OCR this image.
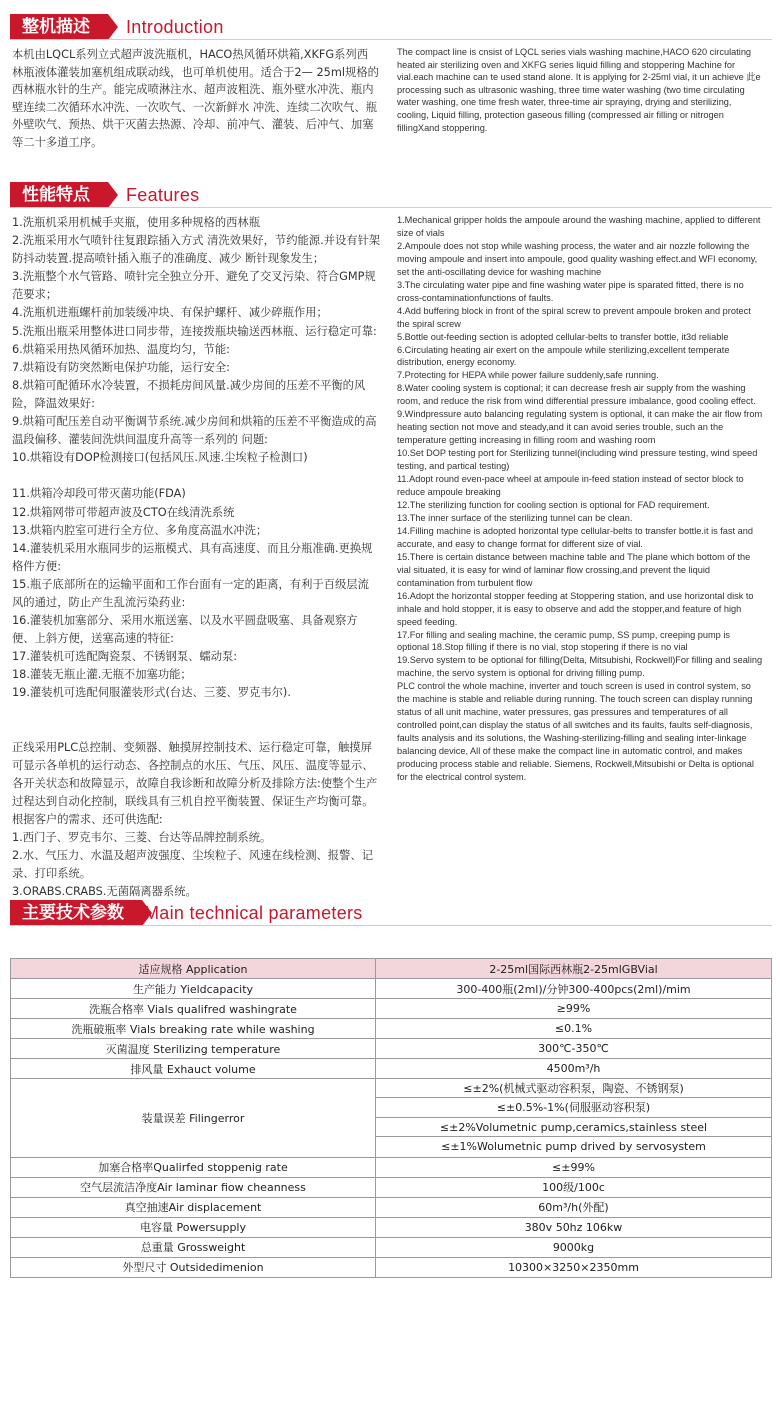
整机描述	Introduction

本机由LQCL系列立式超声波洗瓶机，HACO热风循环烘箱,XKFG系列西

林瓶液体灌装加塞机组成联动线，也可单机使用。适合于2— 25ml规格的

西林瓶水针的生产。能完成喷淋注水、超声波粗洗、瓶外壁水冲洗、瓶内

壁连续二次循环水冲洗、一次吹气、一次新鲜水 冲洗、连续二次吹气、瓶

外壁吹气、预热、烘干灭菌去热源、冷却、前冲气、灌装、后冲气、加塞

等二十多道工序。

The compact line is cnsist of LQCL series vials washing machine,HACO 620 circulating

heated air sterilizing oven and XKFG series liquid filling and stoppering Machine for

vial.each machine can te used stand alone. It is applying for 2-25ml vial, it un achieve 此e

processing such as ultrasonic washing, three time water washing (two time circulating

water washing, one time fresh water, three-time air spraying, drying and sterilizing,

cooling, Liquid filling, protection gaseous filling (compressed air filling or nitrogen

fillingXand stoppering.

性能特点	Features

1.洗瓶机采用机械手夹瓶，使用多种规格的西林瓶

2.洗瓶采用水气喷针往复跟踪插入方式 清洗效果好，节约能源.并设有针架

防抖动装置.提高喷针插入瓶子的准确度、减少 断针现象发生；

3.洗瓶整个水气管路、喷针完全独立分开、避免了交叉污染、符合GMP规

范要求；

4.洗瓶机进瓶螺杆前加装缓冲块、有保护螺杆、减少碎瓶作用；

5.洗瓶出瓶采用整体进口同步带，连接拨瓶块输送西林瓶、运行稳定可靠:

6.烘箱采用热风循环加热、温度均匀，节能:

7.烘箱设有防突然断电保护功能，运行安全:

8.烘箱可配循环水冷装置，不损耗房间风量.减少房间的压差不平衡的风

险，降温效果好:

9.烘箱可配压差自动平衡调节系统.减少房间和烘箱的压差不平衡造成的高

温段偏移、灌装间洗烘间温度升高等一系列的 问题:

10.烘箱设有DOP检测接口(包括风压.风速.尘埃粒子检测口)

11.烘箱冷却段可带灭菌功能(FDA)

12.烘箱网带可带超声波及CTO在线清洗系统

13.烘箱内腔室可进行全方位、多角度高温水冲洗；

14.灌装机采用水瓶同步的运瓶模式、具有高速度、而且分瓶准确.更换规

格件方便:

15.瓶子底部所在的运输平面和工作台面有一定的距离，有利于百级层流

风的通过，防止产生乱流污染药业:

16.灌装机加塞部分、采用水瓶送塞、以及水平圆盘吸塞、具备观察方

便、上斜方便，送塞高速的特征:

17.灌装机可选配陶瓷泵、不锈钢泵、蠕动泵:

18.灌装无瓶止灌.无瓶不加塞功能；

19.灌装机可选配伺服灌装形式(台达、三菱、罗克韦尔).

正线采用PLC总控制、变频器、触摸屏控制技术、运行稳定可靠，触摸屏

可显示各单机的运行动态、各控制点的水压、气压、风压、温度等显示、

各开关状态和故障显示，故障自我诊断和故障分析及排除方法:使整个生产

过程达到自动化控制，联线具有三机自控平衡装置、保证生产均衡可靠。

根据客户的需求、还可供选配:

1.西门子、罗克韦尔、三菱、台达等品牌控制系统。

2.水、气压力、水温及超声波强度、尘埃粒子、风速在线检测、报警、记

录、打印系统。

3.ORABS.CRABS.无菌隔离器系统。

1.Mechanical gripper holds the ampoule around the washing machine, applied to different

size of vials

2.Ampoule does not stop while washing process, the water and air nozzle following the

moving ampoule and insert into ampoule, good quality washing effect.and WFI economy,

set the anti-oscillating device for washing machine

3.The circulating water pipe and fine washing water pipe is sparated fitted, there is no

cross-contaminationfunctions of faults.

4.Add buffering block in front of the spiral screw to prevent ampoule broken and protect

the spiral screw

5.Bottle out-feeding section is adopted cellular-belts to transfer bottle, it3d reliable

6.Circulating heating air exert on the ampoule while sterilizing,excellent temperate

distribution, energy economy.

7.Protecting for HEPA while power failure suddenly,safe running.

8.Water cooling system is coptional; it can decrease fresh air supply from the washing

room, and reduce the risk from wind differential pressure imbalance, good cooling effect.

9.Windpressure auto balancing regulating system is optional, it can make the air flow from

heating section not move and steady,and it can avoid series trouble, such an the

temperature getting increasing in filling room and washing room

10.Set DOP testing port for Sterilizing tunnel(including wind pressure testing, wind speed

testing, and partical testing)

11.Adopt round even-pace wheel at ampoule in-feed station instead of sector block to

reduce ampoule breaking

12.The sterilizing function for cooling section is optional for FAD requirement.

13.The inner surface of the sterilizing tunnel can be clean.

14.Filling machine is adopted horizontal type cellular-belts to transfer bottle.it is fast and

accurate, and easy to change format for different size of vial.

15.There is certain distance between machine table and The plane which bottom of the

vial situated, it is easy for wind of laminar flow crossing,and prevent the liquid

contamination from turbulent flow

16.Adopt the horizontal stopper feeding at Stoppering station, and use horizontal disk to

inhale and hold stopper, it is easy to observe and add the stopper,and feature of high

speed feeding.

17.For filling and sealing machine, the ceramic pump, SS pump, creeping pump is

optional 18.Stop filling if there is no vial, stop stopering if there is no vial

19.Servo system to be optional for filling(Delta, Mitsubishi, Rockwell)For filling and sealing

machine, the servo system is optional for driving filling pump.

PLC control the whole machine, inverter and touch screen is used in control system, so

the machine is stable and reliable during running. The touch screen can display running

status of all unit machine, water pressures, gas pressures and temperatures of all

controlled point,can display the status of all switches and its faults, faults self-diagnosis,

faults analysis and its solutions, the Washing-sterilizing-filling and sealing inter-linkage

balancing device, All of these make the compact line in automatic control, and makes

producing process stable and reliable. Siemens, Rockwell,Mitsubishi or Delta is optional

for the electrical control system.

主要技术参数	Main technical parameters
适应规格 Application	2-25ml国际西林瓶2-25mlGBVial
生产能力 Yieldcapacity	300-400瓶(2ml)/分钟300-400pcs(2ml)/mim
洗瓶合格率 Vials qualifred washingrate	≥99%
洗瓶破瓶率 Vials breaking rate while washing	≤0.1%
灭菌温度 Sterilizing temperature	300℃-350℃
排风量 Exhauct volume	4500m³/h
装量误差 Filingerror	≤±2%(机械式驱动容积泵，陶瓷、不锈钢泵)
≤±0.5%-1%(伺服驱动容积泵)
≤±2%Volumetnic pump,ceramics,stainless steel
≤±1%Wolumetnic pump drived by servosystem

加塞合格率Qualirfed stoppenig rate	≤±99%
空气层流洁净度Air laminar fiow cheanness	100级/100c
真空抽速Air displacement	60m³/h(外配)
电容量 Powersupply	380v 50hz 106kw
总重量 Grossweight	9000kg
外型尺寸 Outsidedimenion	10300×3250×2350mm
